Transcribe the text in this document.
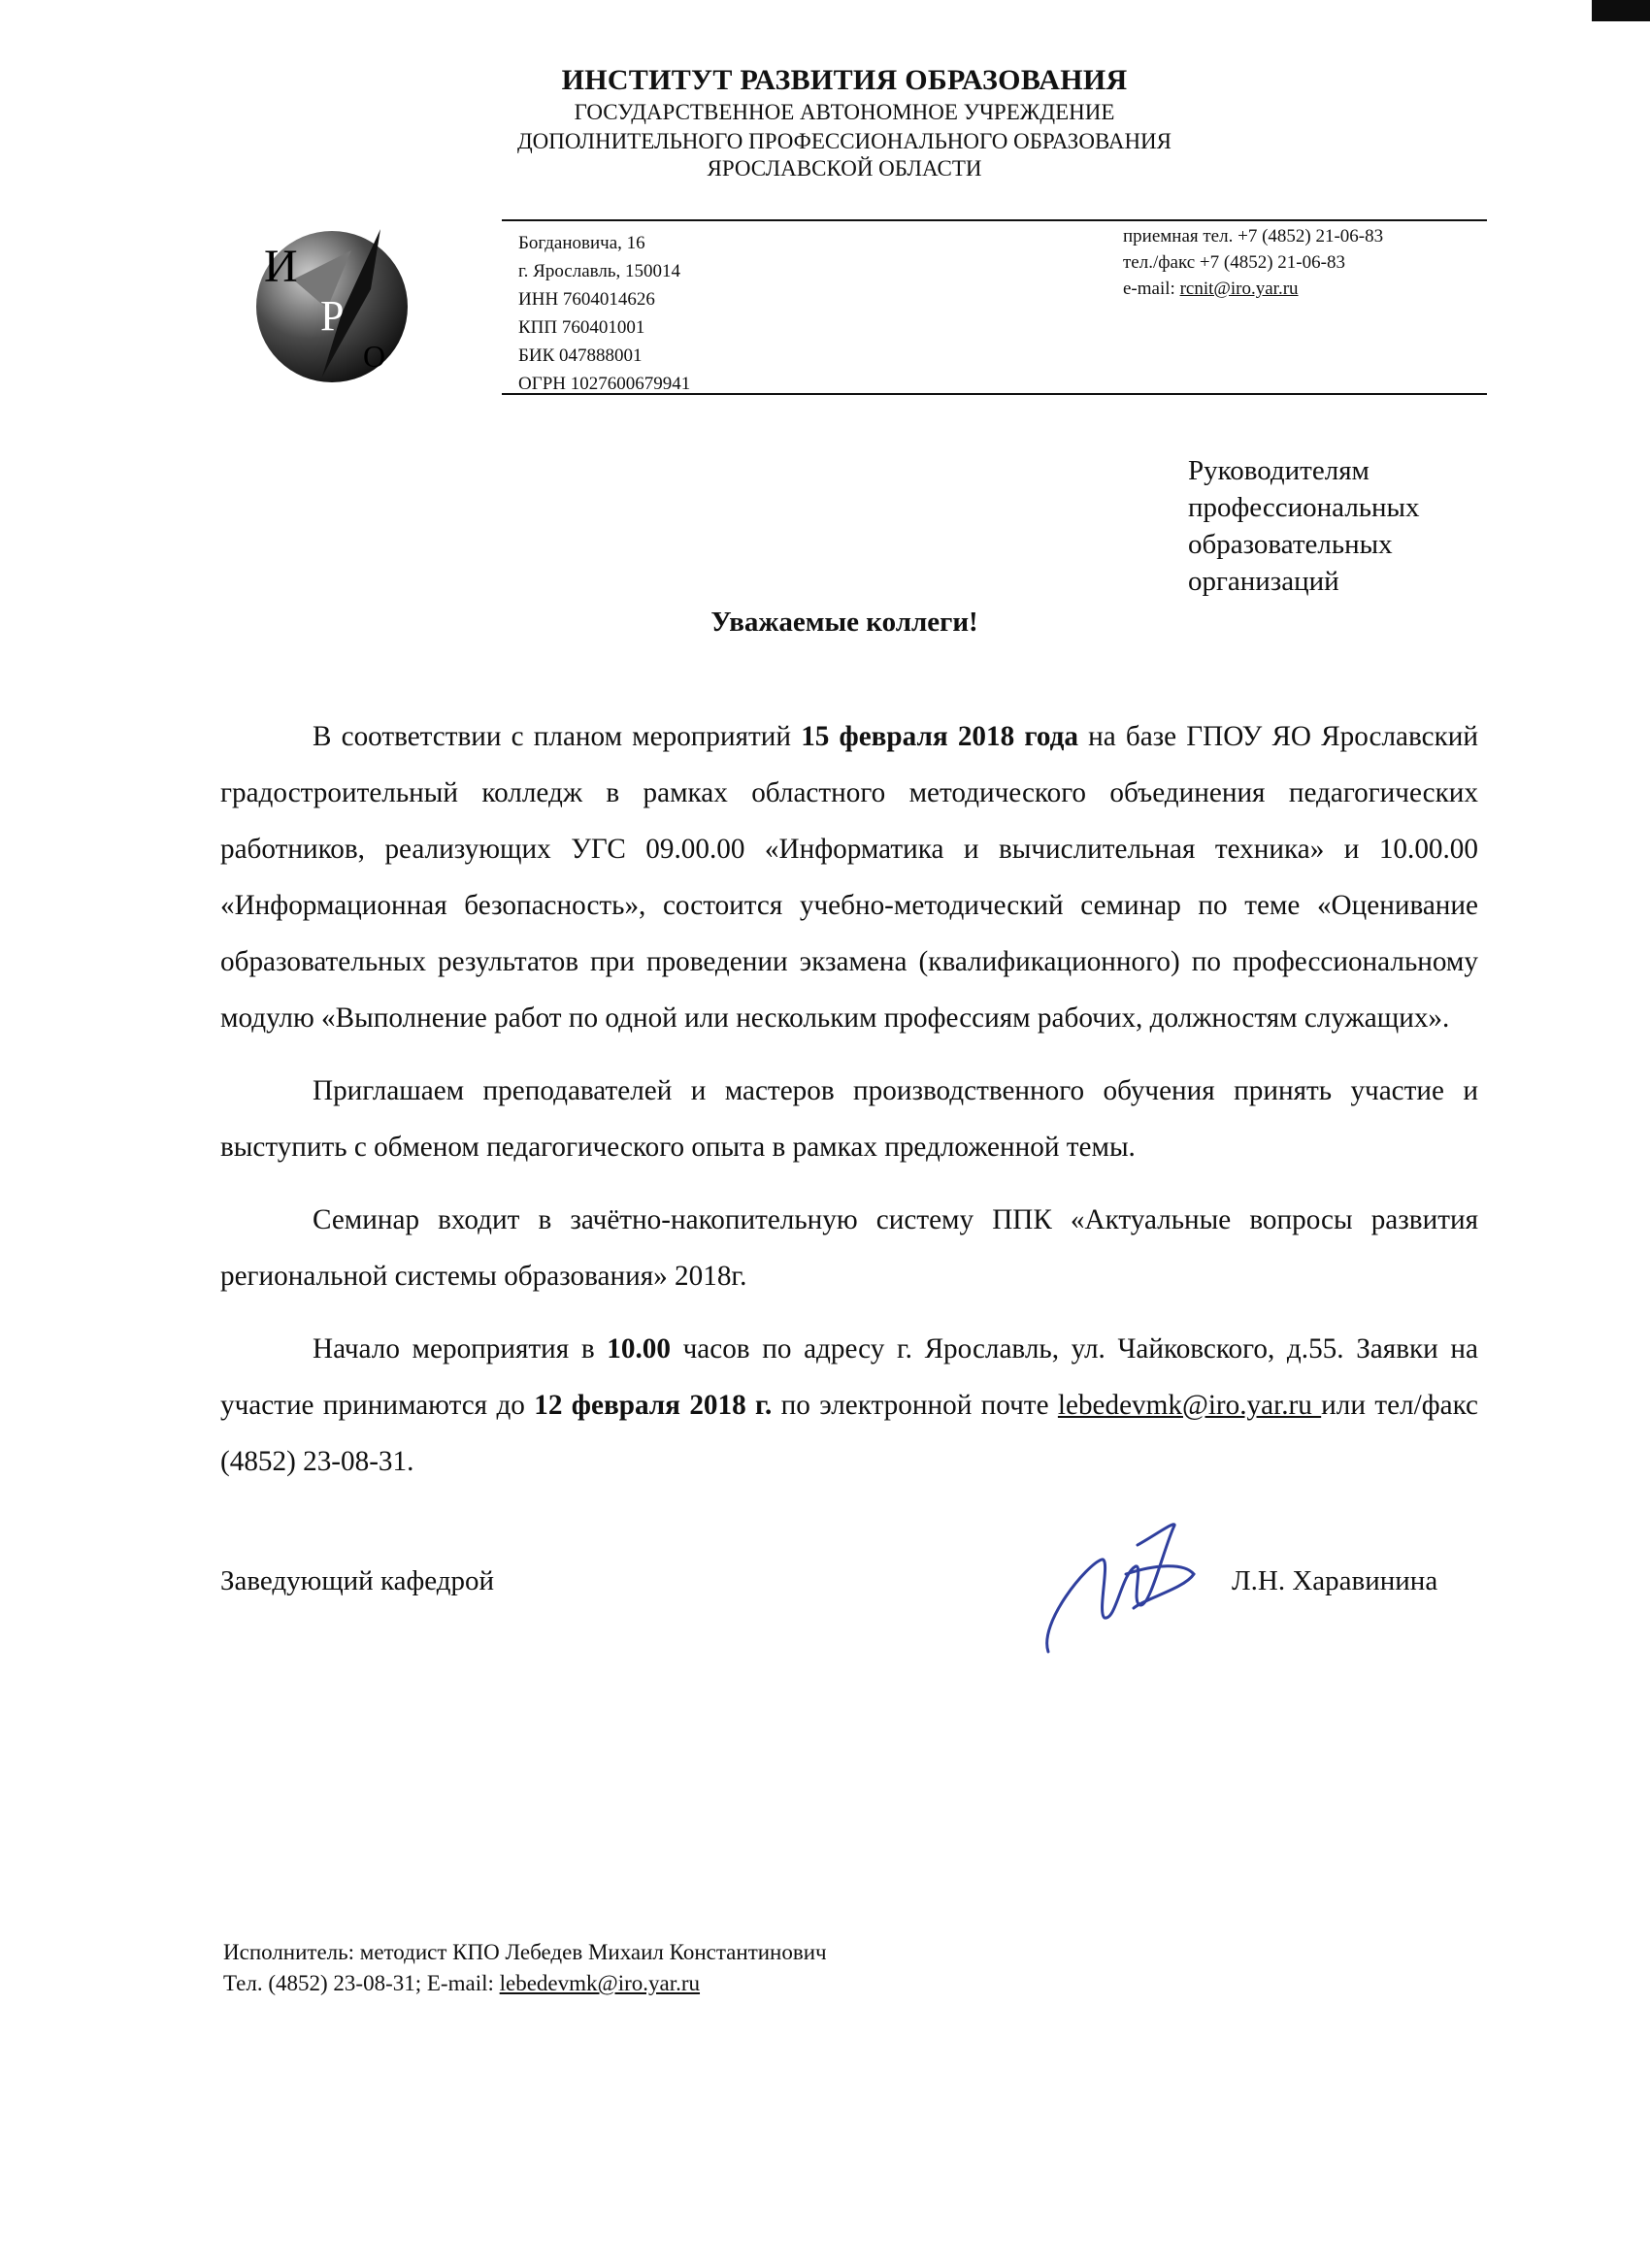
ИНСТИТУТ РАЗВИТИЯ ОБРАЗОВАНИЯ
ГОСУДАРСТВЕННОЕ АВТОНОМНОЕ УЧРЕЖДЕНИЕ
ДОПОЛНИТЕЛЬНОГО ПРОФЕССИОНАЛЬНОГО ОБРАЗОВАНИЯ
ЯРОСЛАВСКОЙ ОБЛАСТИ
И
Р
О
Богдановича, 16
г. Ярославль, 150014
ИНН 7604014626
КПП 760401001
БИК 047888001
ОГРН 1027600679941
приемная тел. +7 (4852) 21-06-83
тел./факс +7 (4852) 21-06-83
e-mail: rcnit@iro.yar.ru
Руководителям
профессиональных
образовательных
организаций
Уважаемые коллеги!

В соответствии с планом мероприятий 15 февраля 2018 года на базе ГПОУ ЯО Ярославский градостроительный колледж в рамках областного методического объединения педагогических работников, реализующих УГС 09.00.00 «Информатика и вычислительная техника» и 10.00.00 «Информационная безопасность», состоится учебно-методический семинар по теме «Оценивание образовательных результатов при проведении экзамена (квалификационного) по профессиональному модулю «Выполнение работ по одной или нескольким профессиям рабочих, должностям служащих».

Приглашаем преподавателей и мастеров производственного обучения принять участие и выступить с обменом педагогического опыта в рамках предложенной темы.

Семинар входит в зачётно-накопительную систему ППК «Актуальные вопросы развития региональной системы образования» 2018г.

Начало мероприятия в 10.00 часов по адресу г. Ярославль, ул. Чайковского, д.55. Заявки на участие принимаются до 12 февраля 2018 г. по электронной почте lebedevmk@iro.yar.ru или тел/факс (4852) 23-08-31.

Заведующий кафедрой	Л.Н. Харавинина
Исполнитель: методист КПО Лебедев Михаил Константинович
Тел. (4852) 23-08-31; E-mail: lebedevmk@iro.yar.ru
